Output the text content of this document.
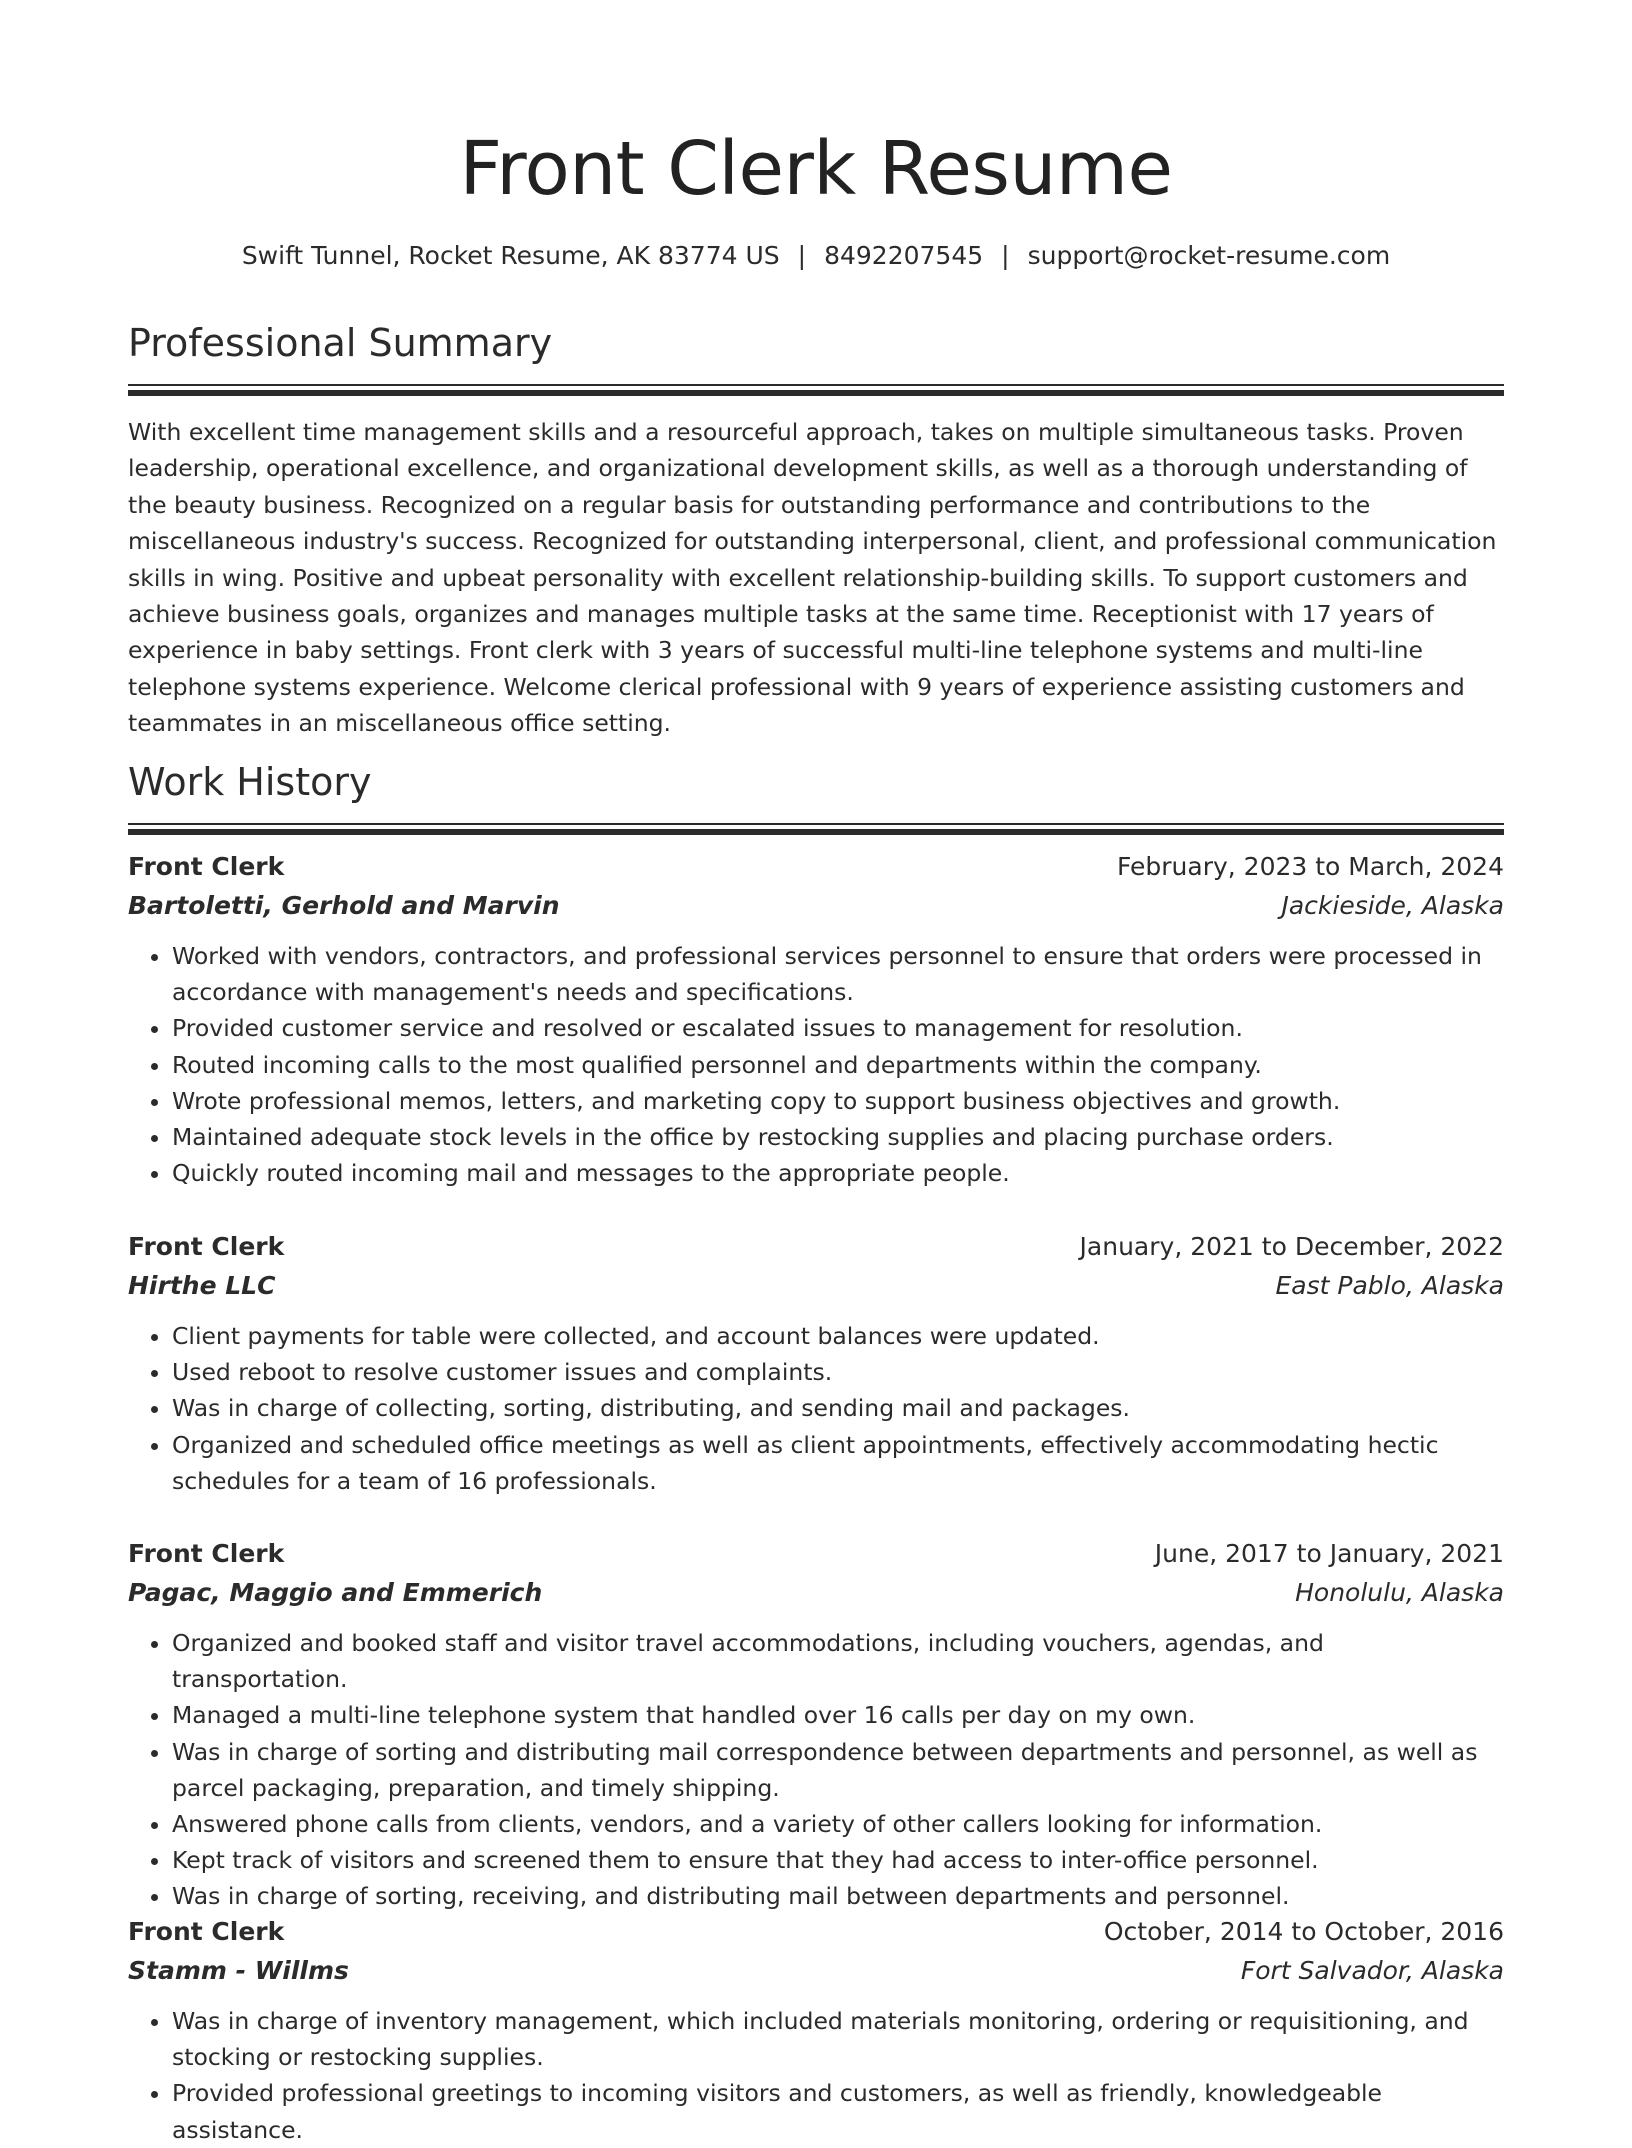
Front Clerk Resume
Swift Tunnel, Rocket Resume, AK 83774 US | 8492207545 | support@rocket-resume.com
Professional Summary
With excellent time management skills and a resourceful approach, takes on multiple simultaneous tasks. Proven leadership, operational excellence, and organizational development skills, as well as a thorough understanding of the beauty business. Recognized on a regular basis for outstanding performance and contributions to the miscellaneous industry's success. Recognized for outstanding interpersonal, client, and professional communication skills in wing. Positive and upbeat personality with excellent relationship-building skills. To support customers and achieve business goals, organizes and manages multiple tasks at the same time. Receptionist with 17 years of experience in baby settings. Front clerk with 3 years of successful multi-line telephone systems and multi-line telephone systems experience. Welcome clerical professional with 9 years of experience assisting customers and teammates in an miscellaneous office setting.
Work History
Front Clerk	February, 2023 to March, 2024
Bartoletti, Gerhold and Marvin	Jackieside, Alaska
• Worked with vendors, contractors, and professional services personnel to ensure that orders were processed in accordance with management's needs and specifications.
• Provided customer service and resolved or escalated issues to management for resolution.
• Routed incoming calls to the most qualified personnel and departments within the company.
• Wrote professional memos, letters, and marketing copy to support business objectives and growth.
• Maintained adequate stock levels in the office by restocking supplies and placing purchase orders.
• Quickly routed incoming mail and messages to the appropriate people.
Front Clerk	January, 2021 to December, 2022
Hirthe LLC	East Pablo, Alaska
• Client payments for table were collected, and account balances were updated.
• Used reboot to resolve customer issues and complaints.
• Was in charge of collecting, sorting, distributing, and sending mail and packages.
• Organized and scheduled office meetings as well as client appointments, effectively accommodating hectic schedules for a team of 16 professionals.
Front Clerk	June, 2017 to January, 2021
Pagac, Maggio and Emmerich	Honolulu, Alaska
• Organized and booked staff and visitor travel accommodations, including vouchers, agendas, and transportation.
• Managed a multi-line telephone system that handled over 16 calls per day on my own.
• Was in charge of sorting and distributing mail correspondence between departments and personnel, as well as parcel packaging, preparation, and timely shipping.
• Answered phone calls from clients, vendors, and a variety of other callers looking for information.
• Kept track of visitors and screened them to ensure that they had access to inter-office personnel.
• Was in charge of sorting, receiving, and distributing mail between departments and personnel.
Front Clerk	October, 2014 to October, 2016
Stamm - Willms	Fort Salvador, Alaska
• Was in charge of inventory management, which included materials monitoring, ordering or requisitioning, and stocking or restocking supplies.
• Provided professional greetings to incoming visitors and customers, as well as friendly, knowledgeable assistance.
